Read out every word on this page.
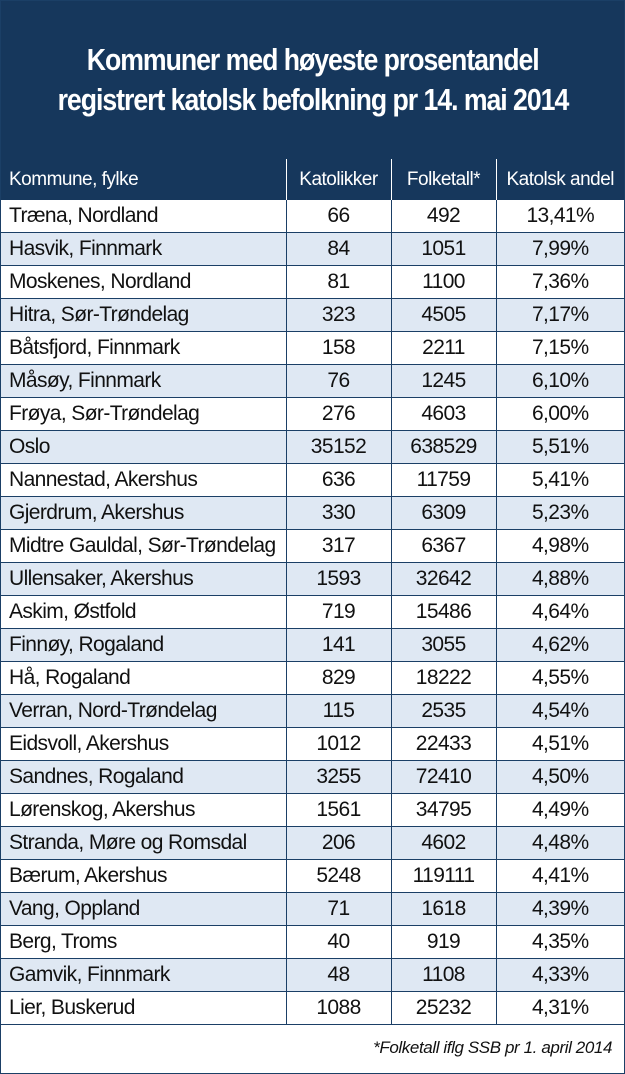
Kommuner med høyeste prosentandel
registrert katolsk befolkning pr 14. mai 2014
Kommune, fylke	Katolikker	Folketall*	Katolsk andel
Træna, Nordland	66	492	13,41%
Hasvik, Finnmark	84	1051	7,99%
Moskenes, Nordland	81	1100	7,36%
Hitra, Sør-Trøndelag	323	4505	7,17%
Båtsfjord, Finnmark	158	2211	7,15%
Måsøy, Finnmark	76	1245	6,10%
Frøya, Sør-Trøndelag	276	4603	6,00%
Oslo	35152	638529	5,51%
Nannestad, Akershus	636	11759	5,41%
Gjerdrum, Akershus	330	6309	5,23%
Midtre Gauldal, Sør-Trøndelag	317	6367	4,98%
Ullensaker, Akershus	1593	32642	4,88%
Askim, Østfold	719	15486	4,64%
Finnøy, Rogaland	141	3055	4,62%
Hå, Rogaland	829	18222	4,55%
Verran, Nord-Trøndelag	115	2535	4,54%
Eidsvoll, Akershus	1012	22433	4,51%
Sandnes, Rogaland	3255	72410	4,50%
Lørenskog, Akershus	1561	34795	4,49%
Stranda, Møre og Romsdal	206	4602	4,48%
Bærum, Akershus	5248	119111	4,41%
Vang, Oppland	71	1618	4,39%
Berg, Troms	40	919	4,35%
Gamvik, Finnmark	48	1108	4,33%
Lier, Buskerud	1088	25232	4,31%
*Folketall iflg SSB pr 1. april 2014
